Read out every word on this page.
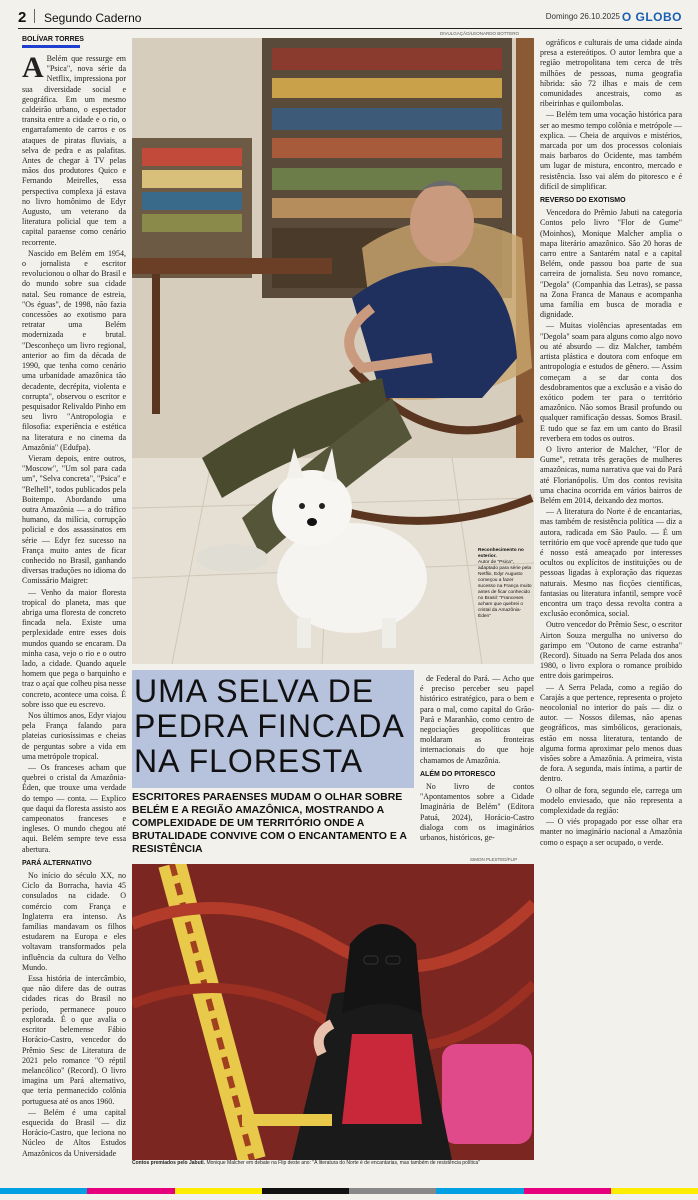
2 Segundo Caderno	Domingo 26.10.2025 O GLOBO
BOLÍVAR TORRES
A Belém que ressurge em "Psica", nova série da Netflix, impressiona por sua diversidade social e geográfica. Em um mesmo caldeirão urbano, o espectador transita entre a cidade e o rio, o engarrafamento de carros e os ataques de piratas fluviais, a selva de pedra e as palafitas. Antes de chegar à TV pelas mãos dos produtores Quico e Fernando Meirelles, essa perspectiva complexa já estava no livro homônimo de Edyr Augusto, um veterano da literatura policial que tem a capital paraense como cenário recorrente.

Nascido em Belém em 1954, o jornalista e escritor revolucionou o olhar do Brasil e do mundo sobre sua cidade natal. Seu romance de estreia, "Os éguas", de 1998, não fazia concessões ao exotismo para retratar uma Belém modernizada e brutal. "Desconheço um livro regional, anterior ao fim da década de 1990, que tenha como cenário uma urbanidade amazônica tão decadente, decrépita, violenta e corrupta", observou o escritor e pesquisador Relivaldo Pinho em seu livro "Antropologia e filosofia: experiência e estética na literatura e no cinema da Amazônia" (Edufpa).

Vieram depois, entre outros, "Moscow", "Um sol para cada um", "Selva concreta", "Psica" e "Belhell", todos publicados pela Boitempo. Abordando uma outra Amazônia — a do tráfico humano, da milícia, corrupção policial e dos assassinatos em série — Edyr fez sucesso na França muito antes de ficar conhecido no Brasil, ganhando diversas traduções no idioma do Comissário Maigret:

— Venho da maior floresta tropical do planeta, mas que abriga uma floresta de concreto fincada nela. Existe uma perplexidade entre esses dois mundos quando se encaram. Da minha casa, vejo o rio e o outro lado, a cidade. Quando aquele homem que pega o barquinho e traz o açaí que colheu pisa nesse concreto, acontece uma coisa. É sobre isso que eu escrevo.

Nos últimos anos, Edyr viajou pela França falando para plateias curiosíssimas e cheias de perguntas sobre a vida em uma metrópole tropical.

— Os franceses acham que quebrei o cristal da Amazônia-Éden, que trouxe uma verdade do tempo — conta. — Explico que daqui da floresta assisto aos campeonatos franceses e ingleses. O mundo chegou até aqui. Belém sempre teve essa abertura.

PARÁ ALTERNATIVO

No início do século XX, no Ciclo da Borracha, havia 45 consulados na cidade. O comércio com França e Inglaterra era intenso. As famílias mandavam os filhos estudarem na Europa e eles voltavam transformados pela influência da cultura do Velho Mundo.

Essa história de intercâmbio, que não difere das de outras cidades ricas do Brasil no período, permanece pouco explorada. É o que avalia o escritor belemense Fábio Horácio-Castro, vencedor do Prêmio Sesc de Literatura de 2021 pelo romance "O réptil melancólico" (Record). O livro imagina um Pará alternativo, que teria permanecido colônia portuguesa até os anos 1960.

— Belém é uma capital esquecida do Brasil — diz Horácio-Castro, que leciona no Núcleo de Altos Estudos Amazônicos da Universidade

DIVULGAÇÃO/LEONARDO BOTTERO
Reconhecimento no exterior.
Autor de "Psica", adaptado para série pela Netflix, Edyr Augusto começou a fazer sucesso na França muito antes de ficar conhecido no Brasil: "Franceses acham que quebrei o cristal da Amazônia-Éden"
UMA SELVA DE PEDRA FINCADA NA FLORESTA
ESCRITORES PARAENSES MUDAM O OLHAR SOBRE BELÉM E A REGIÃO AMAZÔNICA, MOSTRANDO A COMPLEXIDADE DE UM TERRITÓRIO ONDE A BRUTALIDADE CONVIVE COM O ENCANTAMENTO E A RESISTÊNCIA

de Federal do Pará. — Acho que é preciso perceber seu papel histórico estratégico, para o bem e para o mal, como capital do Grão-Pará e Maranhão, como centro de negociações geopolíticas que moldaram as fronteiras internacionais do que hoje chamamos de Amazônia.

ALÉM DO PITORESCO

No livro de contos "Apontamentos sobre a Cidade Imaginária de Belém" (Editora Patuá, 2024), Horácio-Castro dialoga com os imaginários urbanos, históricos, ge-

SIMON PLESTED/FLIP
Contos premiados pelo Jabuti. Monique Malcher em debate na Flip deste ano: "A literatura do Norte é de encantarias, mas também de resistência política"

ográficos e culturais de uma cidade ainda presa a estereótipos. O autor lembra que a região metropolitana tem cerca de três milhões de pessoas, numa geografia híbrida: são 72 ilhas e mais de cem comunidades ancestrais, como as ribeirinhas e quilombolas.

— Belém tem uma vocação histórica para ser ao mesmo tempo colônia e metrópole — explica. — Cheia de arquivos e mistérios, marcada por um dos processos coloniais mais barbaros do Ocidente, mas também um lugar de mistura, encontro, mercado e resistência. Isso vai além do pitoresco e é difícil de simplificar.

REVERSO DO EXOTISMO

Vencedora do Prêmio Jabuti na categoria Contos pelo livro "Flor de Gume" (Moinhos), Monique Malcher amplia o mapa literário amazônico. São 20 horas de carro entre a Santarém natal e a capital Belém, onde passou boa parte de sua carreira de jornalista. Seu novo romance, "Degola" (Companhia das Letras), se passa na Zona Franca de Manaus e acompanha uma família em busca de moradia e dignidade.

— Muitas violências apresentadas em "Degola" soam para alguns como algo novo ou até absurdo — diz Malcher, também artista plástica e doutora com enfoque em antropologia e estudos de gênero. — Assim começam a se dar conta dos desdobramentos que a exclusão e a visão do exótico podem ter para o território amazônico. Não somos Brasil profundo ou qualquer ramificação dessas. Somos Brasil. E tudo que se faz em um canto do Brasil reverbera em todos os outros.

O livro anterior de Malcher, "Flor de Gume", retrata três gerações de mulheres amazônicas, numa narrativa que vai do Pará até Florianópolis. Um dos contos revisita uma chacina ocorrida em vários bairros de Belém em 2014, deixando dez mortos.

— A literatura do Norte é de encantarias, mas também de resistência política — diz a autora, radicada em São Paulo. — É um território em que você aprende que tudo que é nosso está ameaçado por interesses ocultos ou explícitos de instituições ou de pessoas ligadas à exploração das riquezas naturais. Mesmo nas ficções científicas, fantasias ou literatura infantil, sempre você encontra um traço dessa revolta contra a exclusão econômica, social.

Outro vencedor do Prêmio Sesc, o escritor Airton Souza mergulha no universo do garimpo em "Outono de carne estranha" (Record). Situado na Serra Pelada dos anos 1980, o livro explora o romance proibido entre dois garimpeiros.

— A Serra Pelada, como a região do Carajás a que pertence, representa o projeto neocolonial no interior do país — diz o autor. — Nossos dilemas, não apenas geográficos, mas simbólicos, geracionais, estão em nossa literatura, tentando de alguma forma aproximar pelo menos duas visões sobre a Amazônia. A primeira, vista de fora. A segunda, mais íntima, a partir de dentro.

O olhar de fora, segundo ele, carrega um modelo enviesado, que não representa a complexidade da região:

— O viés propagado por esse olhar era manter no imaginário nacional a Amazônia como o espaço a ser ocupado, o verde.
